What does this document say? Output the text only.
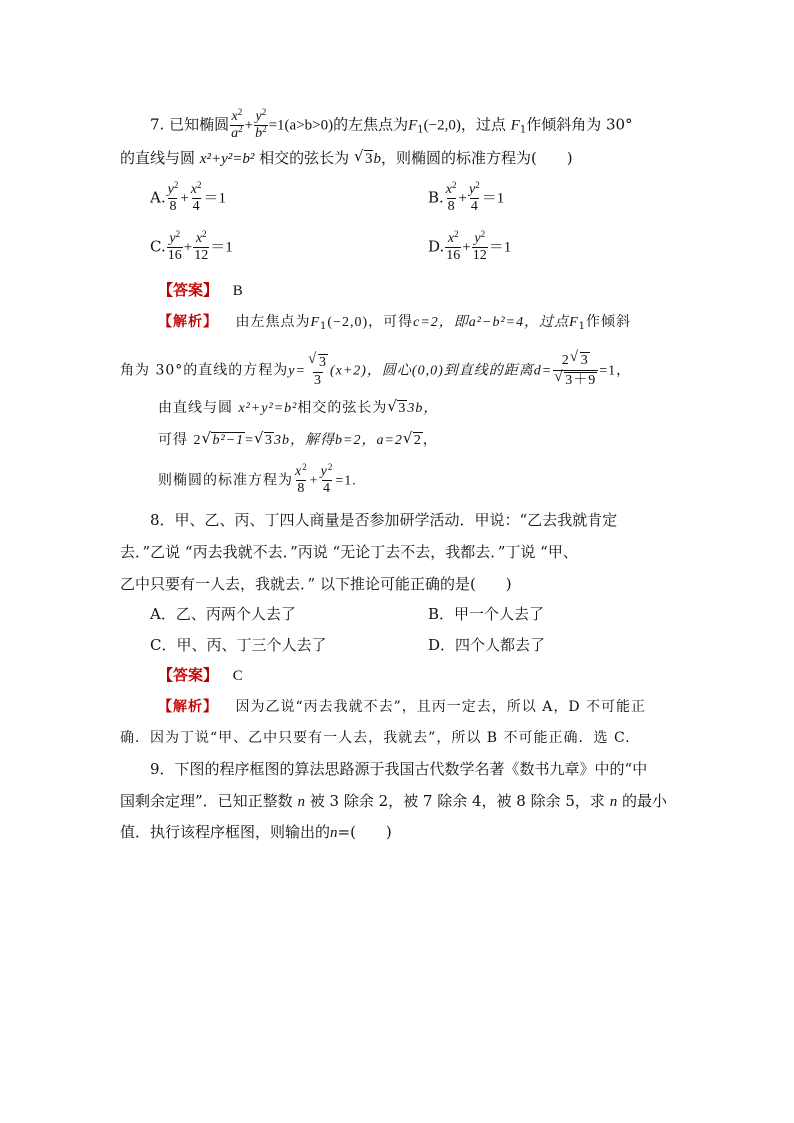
7. 已知椭圆 $\frac{x^2}{a^2} + \frac{y^2}{b^2} =1(a>b>0)$的左焦点为$F_1(-2,0)$，过点 $F_1$作倾斜角为 30°
的直线与圆 x²+y²=b² 相交的弦长为 √ 3b，则椭圆的标准方程为(　　)
A. $\frac{y^2}{8} + \frac{x^2}{4} =1$	B. $\frac{x^2}{8} + \frac{y^2}{4} =1$
C. $\frac{y^2}{16} + \frac{x^2}{12} =1$	D. $\frac{x^2}{16} + \frac{y^2}{12} =1$
【答案】 B
【解析】 由左焦点为$F_1(-2,0)$，可得c=2，即a²−b²=4，过点$F_1$作倾斜
角为 30°的直线的方程为y= √ $\frac{3}{3} (x+2)$，圆心(0,0)到直线的距离d= 2 √ 3
√ 3＋9 =1，
由直线与圆 x²+y²=b²相交的弦长为 √ 33b，
可得 2 √ b²−1= √ 33b，解得b=2，a=2 √ 2，
则椭圆的标准方程为 $\frac{x^2}{8} + \frac{y^2}{4} =1$.
8．甲、乙、丙、丁四人商量是否参加研学活动．甲说：“乙去我就肯定
去．”乙说 “丙去我就不去．”丙说 “无论丁去不去，我都去．”丁说 “甲、
乙中只要有一人去，我就去．” 以下推论可能正确的是(　　)
A．乙、丙两个人去了	B．甲一个人去了
C．甲、丙、丁三个人去了	D．四个人都去了
【答案】 C
【解析】 因为乙说“丙去我就不去”，且丙一定去，所以 A，D 不可能正
确．因为丁说“甲、乙中只要有一人去，我就去”，所以 B 不可能正确．选 C.
9．下图的程序框图的算法思路源于我国古代数学名著《数书九章》中的“中
国剩余定理”．已知正整数 n 被 3 除余 2，被 7 除余 4，被 8 除余 5，求 n 的最小
值．执行该程序框图，则输出的n=(　　)
